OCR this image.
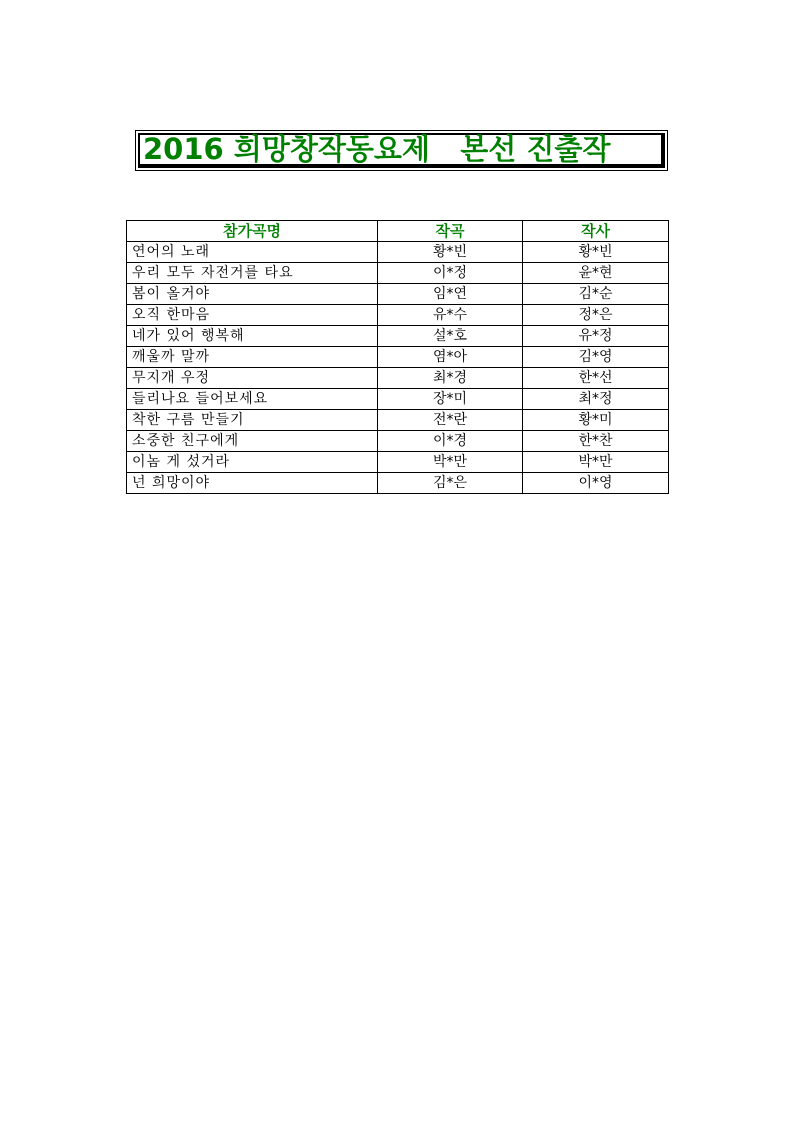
2016 희망창작동요제   본선 진출작
참가곡명	작곡	작사
연어의 노래	황*빈	황*빈
우리 모두 자전거를 타요	이*정	윤*현
봄이 올거야	임*연	김*순
오직 한마음	유*수	정*은
네가 있어 행복해	설*호	유*정
깨울까 말까	염*아	김*영
무지개 우정	최*경	한*선
들리나요 들어보세요	장*미	최*정
착한 구름 만들기	전*란	황*미
소중한 친구에게	이*경	한*찬
이놈 게 섰거라	박*만	박*만
넌 희망이야	김*은	이*영
